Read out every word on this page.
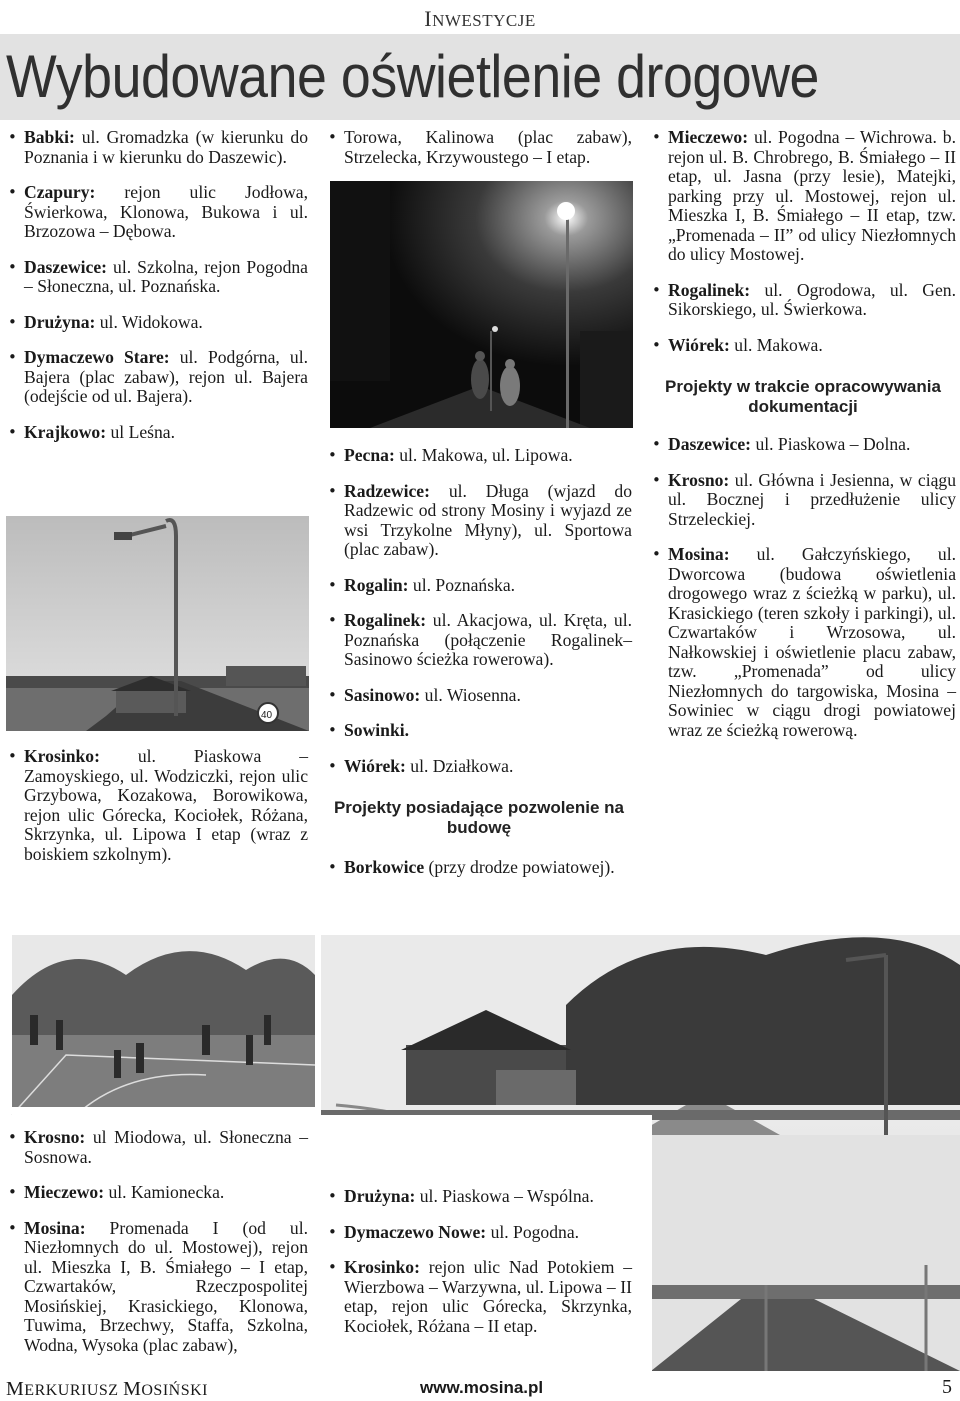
INWESTYCJE
Wybudowane oświetlenie drogowe
• Babki: ul. Gromadzka (w kierunku do Poznania i w kierunku do Daszewic).
• Czapury: rejon ulic Jodłowa, Świerkowa, Klonowa, Bukowa i ul. Brzozowa – Dębowa.
• Daszewice: ul. Szkolna, rejon Pogodna – Słoneczna, ul. Poznańska.
• Drużyna: ul. Widokowa.
• Dymaczewo Stare: ul. Podgórna, ul. Bajera (plac zabaw), rejon ul. Bajera (odejście od ul. Bajera).
• Krajkowo: ul Leśna.
40
• Krosinko: ul. Piaskowa – Zamoyskiego, ul. Wodziczki, rejon ulic Grzybowa, Kozakowa, Borowikowa, rejon ulic Górecka, Kociołek, Różana, Skrzynka, ul. Lipowa I etap (wraz z boiskiem szkolnym).
• Torowa, Kalinowa (plac zabaw), Strzelecka, Krzywoustego – I etap.
• Pecna: ul. Makowa, ul. Lipowa.
• Radzewice: ul. Długa (wjazd do Radzewic od strony Mosiny i wyjazd ze wsi Trzykolne Młyny), ul. Sportowa (plac zabaw).
• Rogalin: ul. Poznańska.
• Rogalinek: ul. Akacjowa, ul. Kręta, ul. Poznańska (połączenie Rogalinek–Sasinowo ścieżka rowerowa).
• Sasinowo: ul. Wiosenna.
• Sowinki.
• Wiórek: ul. Działkowa.
Projekty posiadające pozwolenie na budowę
• Borkowice (przy drodze powiatowej).
• Mieczewo: ul. Pogodna – Wichrowa. b. rejon ul. B. Chrobrego, B. Śmiałego – II etap, ul. Jasna (przy lesie), Matejki, parking przy ul. Mostowej, rejon ul. Mieszka I, B. Śmiałego – II etap, tzw. „Promenada – II” od ulicy Niezłomnych do ulicy Mostowej.
• Rogalinek: ul. Ogrodowa, ul. Gen. Sikorskiego, ul. Świerkowa.
• Wiórek: ul. Makowa.
Projekty w trakcie opracowywania dokumentacji
• Daszewice: ul. Piaskowa – Dolna.
• Krosno: ul. Główna i Jesienna, w ciągu ul. Bocznej i przedłużenie ulicy Strzeleckiej.
• Mosina: ul. Gałczyńskiego, ul. Dworcowa (budowa oświetlenia drogowego wraz z ścieżką w parku), ul. Krasickiego (teren szkoły i parkingi), ul. Czwartaków i Wrzosowa, ul. Nałkowskiej i oświetlenie placu zabaw, tzw. „Promenada” od ulicy Niezłomnych do targowiska, Mosina – Sowiniec w ciągu drogi powiatowej wraz ze ścieżką rowerową.
• Krosno: ul Miodowa, ul. Słoneczna – Sosnowa.
• Mieczewo: ul. Kamionecka.
• Mosina: Promenada I (od ul. Niezłomnych do ul. Mostowej), rejon ul. Mieszka I, B. Śmiałego – I etap, Czwartaków, Rzeczpospolitej Mosińskiej, Krasickiego, Klonowa, Tuwima, Brzechwy, Staffa, Szkolna, Wodna, Wysoka (plac zabaw),
• Drużyna: ul. Piaskowa – Wspólna.
• Dymaczewo Nowe: ul. Pogodna.
• Krosinko: rejon ulic Nad Potokiem – Wierzbowa – Warzywna, ul. Lipowa – II etap, rejon ulic Górecka, Skrzynka, Kociołek, Różana – II etap.
MERKURIUSZ MOSIŃSKI	www.mosina.pl	5
